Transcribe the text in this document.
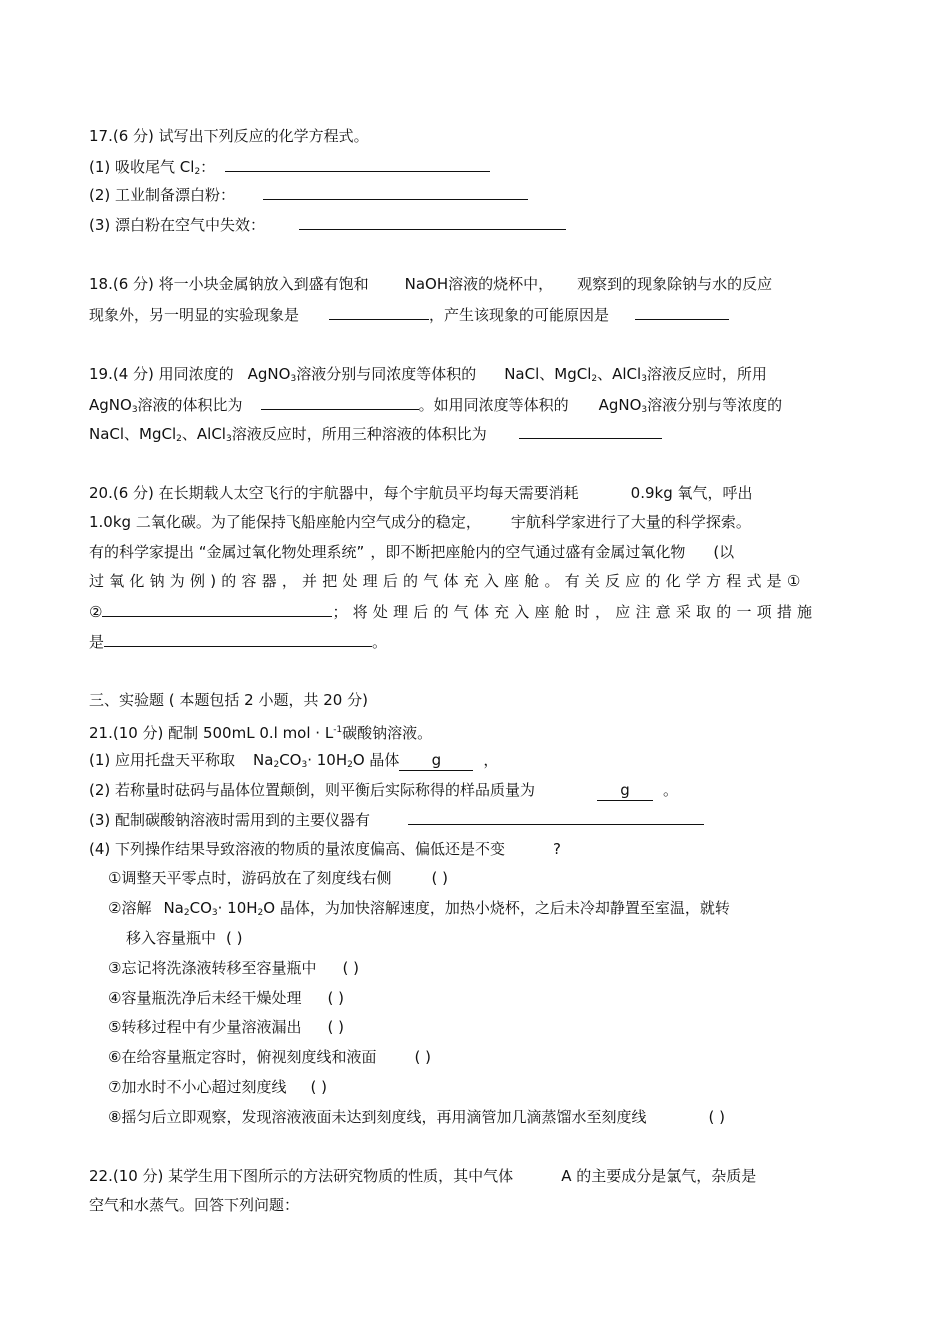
17.(6 分) 试写出下列反应的化学方程式。
(1) 吸收尾气 $Cl_2$：
(2) 工业制备漂白粉：
(3) 漂白粉在空气中失效：
18.(6 分) 将一小块金属钠放入到盛有饱和 NaOH溶液的烧杯中， 观察到的现象除钠与水的反应
现象外，另一明显的实验现象是	，产生该现象的可能原因是
19.(4 分) 用同浓度的 AgNO$_3$溶液分别与同浓度等体积的 NaCl、MgCl$_2$、AlCl$_3$溶液反应时，所用
AgNO$_3$溶液的体积比为	。如用同浓度等体积的 AgNO$_3$溶液分别与等浓度的
NaCl、MgCl$_2$、AlCl$_3$溶液反应时，所用三种溶液的体积比为
20.(6 分) 在长期载人太空飞行的宇航器中，每个宇航员平均每天需要消耗	0.9kg 氧气，呼出
1.0kg 二氧化碳。为了能保持飞船座舱内空气成分的稳定， 宇航科学家进行了大量的科学探索。
有的科学家提出 “金属过氧化物处理系统” ，即不断把座舱内的空气通过盛有金属过氧化物 (以
过氧化钠为例)的容器，并把处理后的气体充入座舱。有关反应的化学方程式是①
②	；将处理后的气体充入座舱时，应注意采取的一项措施
是	。
三、实验题 ( 本题包括 2 小题，共 20 分)
21.(10 分) 配制 500mL 0.l mol · $L^{-1}$碳酸钠溶液。
(1) 应用托盘天平称取 $Na_2CO_3\cdot 10H_2O$ 晶体 g	，
(2) 若称量时砝码与晶体位置颠倒，则平衡后实际称得的样品质量为	g 。
(3) 配制碳酸钠溶液时需用到的主要仪器有
(4) 下列操作结果导致溶液的物质的量浓度偏高、偏低还是不变	?
①调整天平零点时，游码放在了刻度线右侧	( )
②溶解 $Na_2CO_3\cdot 10H_2O$ 晶体，为加快溶解速度，加热小烧杯，之后未冷却静置至室温，就转
移入容量瓶中 ( )
③忘记将洗涤液转移至容量瓶中 ( )
④容量瓶洗净后未经干燥处理 ( )
⑤转移过程中有少量溶液漏出 ( )
⑥在给容量瓶定容时，俯视刻度线和液面	( )
⑦加水时不小心超过刻度线 ( )
⑧摇匀后立即观察，发现溶液液面未达到刻度线，再用滴管加几滴蒸馏水至刻度线	( )
22.(10 分) 某学生用下图所示的方法研究物质的性质，其中气体	A 的主要成分是氯气，杂质是
空气和水蒸气。回答下列问题：
